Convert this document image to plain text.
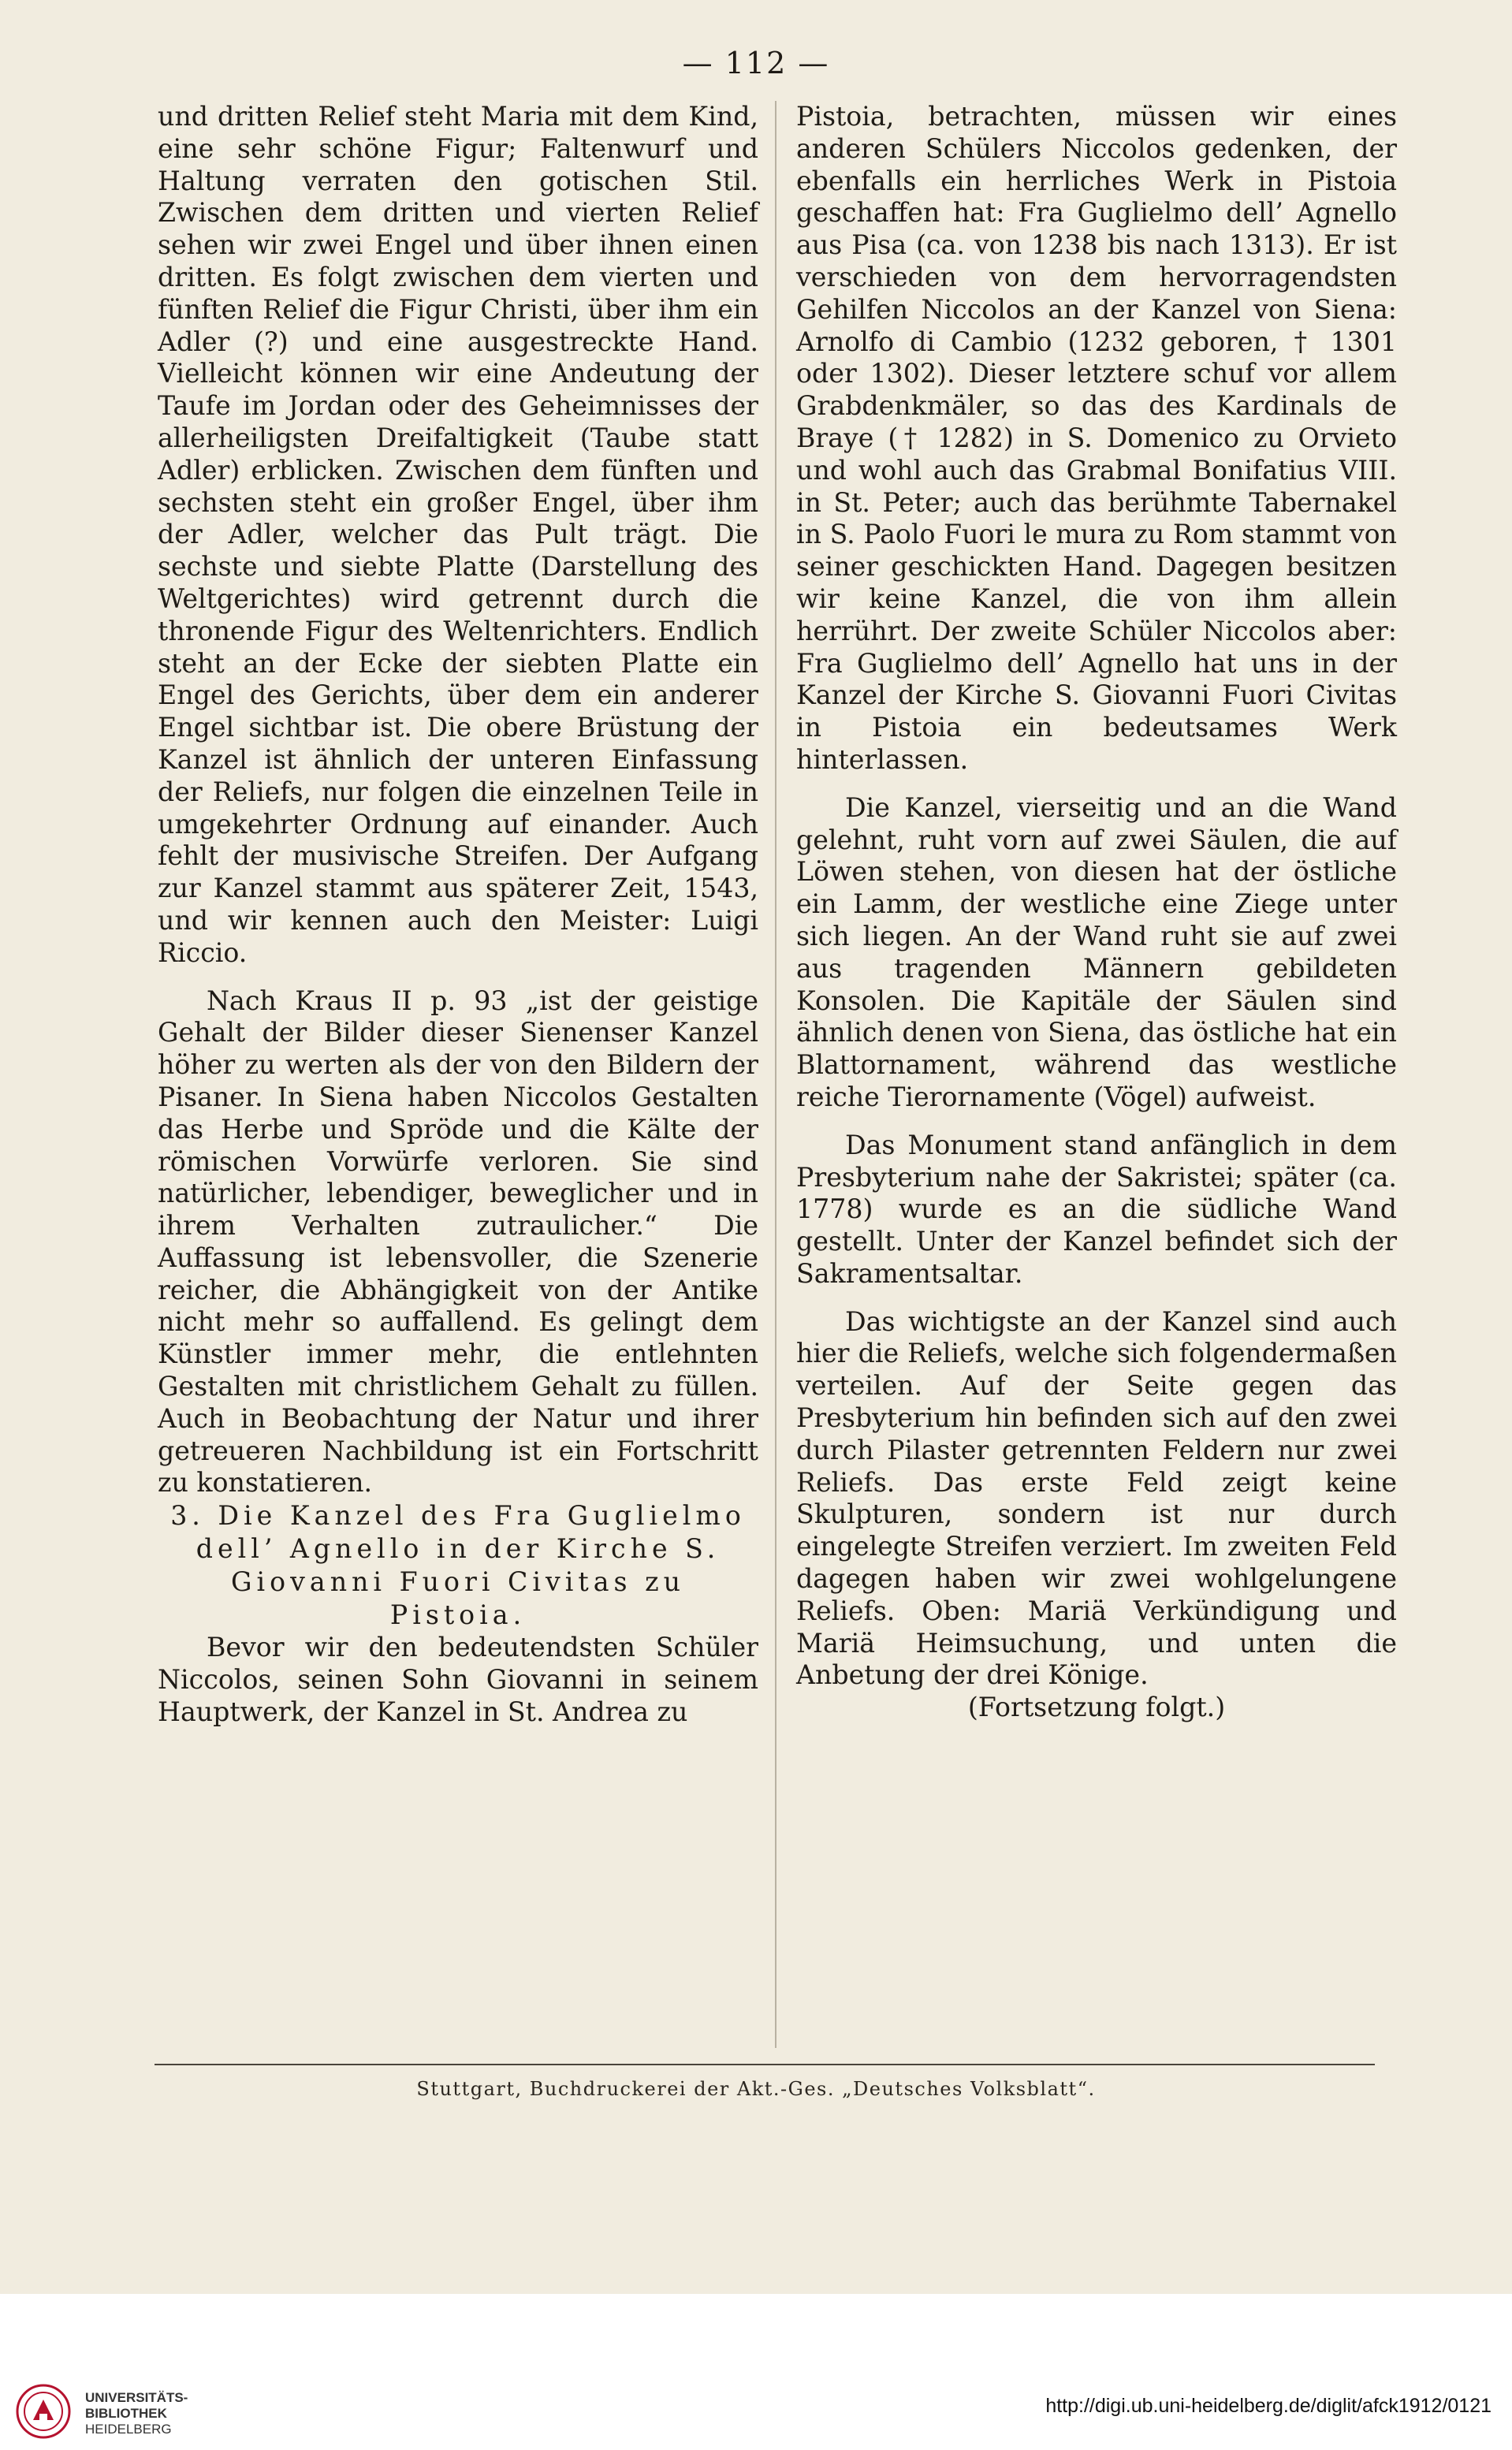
— 112 —

und dritten Relief steht Maria mit dem Kind, eine sehr schöne Figur; Faltenwurf und Haltung verraten den gotischen Stil. Zwischen dem dritten und vierten Relief sehen wir zwei Engel und über ihnen einen dritten. Es folgt zwischen dem vierten und fünften Relief die Figur Christi, über ihm ein Adler (?) und eine ausgestreckte Hand. Vielleicht können wir eine Andeutung der Taufe im Jordan oder des Geheimnisses der allerheiligsten Dreifaltigkeit (Taube statt Adler) erblicken. Zwischen dem fünften und sechsten steht ein großer Engel, über ihm der Adler, welcher das Pult trägt. Die sechste und siebte Platte (Darstellung des Weltgerichtes) wird getrennt durch die thronende Figur des Weltenrichters. Endlich steht an der Ecke der siebten Platte ein Engel des Gerichts, über dem ein anderer Engel sichtbar ist. Die obere Brüstung der Kanzel ist ähnlich der unteren Einfassung der Reliefs, nur folgen die einzelnen Teile in umgekehrter Ordnung auf einander. Auch fehlt der musivische Streifen. Der Aufgang zur Kanzel stammt aus späterer Zeit, 1543, und wir kennen auch den Meister: Luigi Riccio.

Nach Kraus II p. 93 „ist der geistige Gehalt der Bilder dieser Sienenser Kanzel höher zu werten als der von den Bildern der Pisaner. In Siena haben Niccolos Gestalten das Herbe und Spröde und die Kälte der römischen Vorwürfe verloren. Sie sind natürlicher, lebendiger, beweglicher und in ihrem Verhalten zutraulicher.“ Die Auffassung ist lebensvoller, die Szenerie reicher, die Abhängigkeit von der Antike nicht mehr so auffallend. Es gelingt dem Künstler immer mehr, die entlehnten Gestalten mit christlichem Gehalt zu füllen. Auch in Beobachtung der Natur und ihrer getreueren Nachbildung ist ein Fortschritt zu konstatieren.

3. Die Kanzel des Fra Guglielmo dell’ Agnello in der Kirche S. Giovanni Fuori Civitas zu Pistoia.

Bevor wir den bedeutendsten Schüler Niccolos, seinen Sohn Giovanni in seinem Hauptwerk, der Kanzel in St. Andrea zu

Pistoia, betrachten, müssen wir eines anderen Schülers Niccolos gedenken, der ebenfalls ein herrliches Werk in Pistoia geschaffen hat: Fra Guglielmo dell’ Agnello aus Pisa (ca. von 1238 bis nach 1313). Er ist verschieden von dem hervorragendsten Gehilfen Niccolos an der Kanzel von Siena: Arnolfo di Cambio (1232 geboren, † 1301 oder 1302). Dieser letztere schuf vor allem Grabdenkmäler, so das des Kardinals de Braye († 1282) in S. Domenico zu Orvieto und wohl auch das Grabmal Bonifatius VIII. in St. Peter; auch das berühmte Tabernakel in S. Paolo Fuori le mura zu Rom stammt von seiner geschickten Hand. Dagegen besitzen wir keine Kanzel, die von ihm allein herrührt. Der zweite Schüler Niccolos aber: Fra Guglielmo dell’ Agnello hat uns in der Kanzel der Kirche S. Giovanni Fuori Civitas in Pistoia ein bedeutsames Werk hinterlassen.

Die Kanzel, vierseitig und an die Wand gelehnt, ruht vorn auf zwei Säulen, die auf Löwen stehen, von diesen hat der östliche ein Lamm, der westliche eine Ziege unter sich liegen. An der Wand ruht sie auf zwei aus tragenden Männern gebildeten Konsolen. Die Kapitäle der Säulen sind ähnlich denen von Siena, das östliche hat ein Blattornament, während das westliche reiche Tierornamente (Vögel) aufweist.

Das Monument stand anfänglich in dem Presbyterium nahe der Sakristei; später (ca. 1778) wurde es an die südliche Wand gestellt. Unter der Kanzel befindet sich der Sakramentsaltar.

Das wichtigste an der Kanzel sind auch hier die Reliefs, welche sich folgendermaßen verteilen. Auf der Seite gegen das Presbyterium hin befinden sich auf den zwei durch Pilaster getrennten Feldern nur zwei Reliefs. Das erste Feld zeigt keine Skulpturen, sondern ist nur durch eingelegte Streifen verziert. Im zweiten Feld dagegen haben wir zwei wohlgelungene Reliefs. Oben: Mariä Verkündigung und Mariä Heimsuchung, und unten die Anbetung der drei Könige.

(Fortsetzung folgt.)

Stuttgart, Buchdruckerei der Akt.-Ges. „Deutsches Volksblatt“.
UNIVERSITÄTS-
BIBLIOTHEK
HEIDELBERG
http://digi.ub.uni-heidelberg.de/diglit/afck1912/0121
